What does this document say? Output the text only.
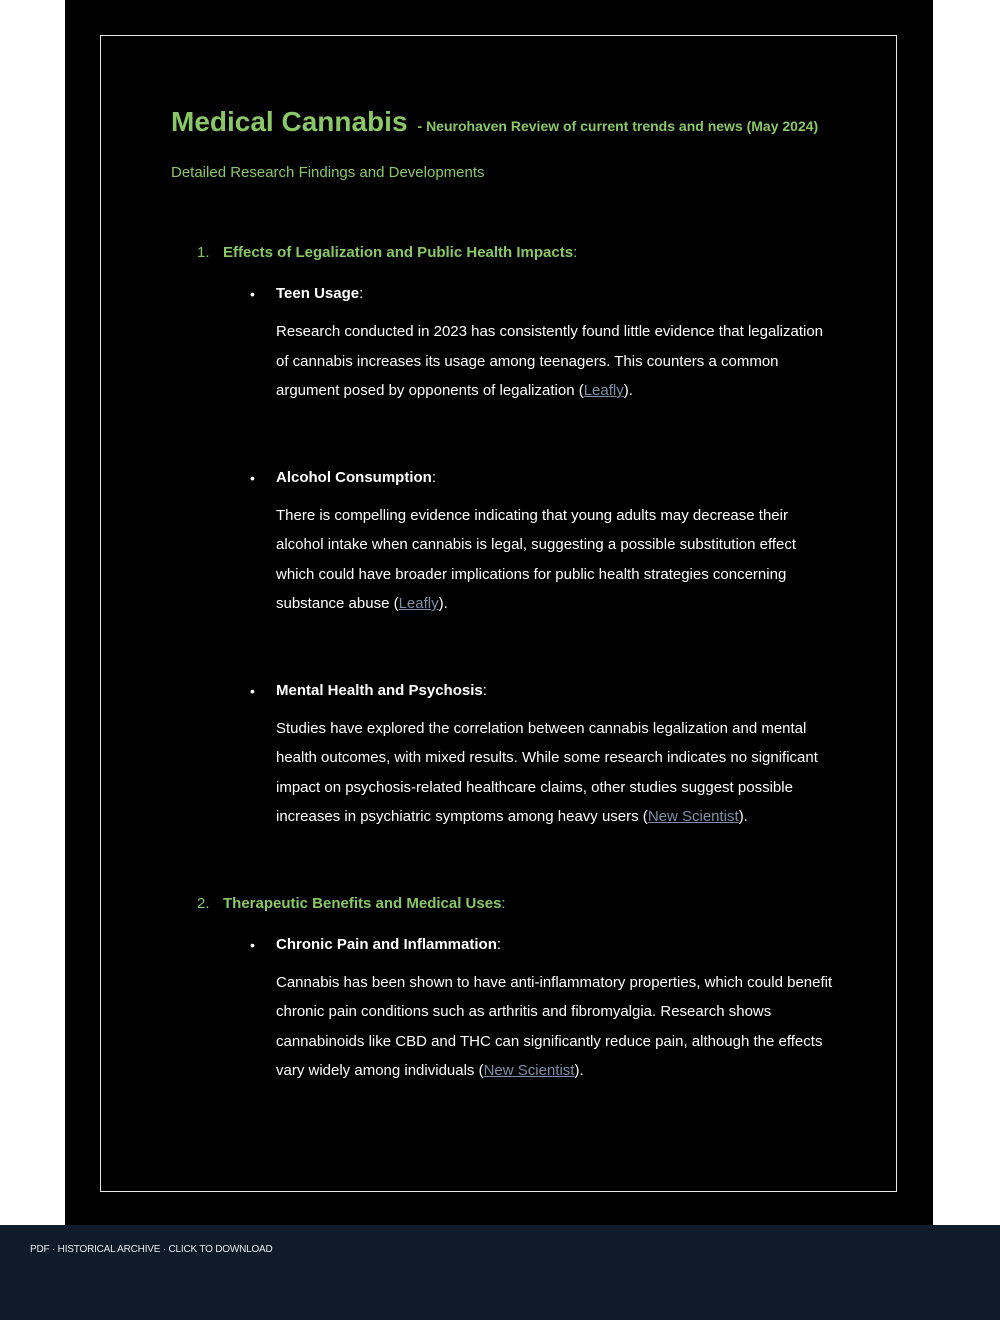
Medical Cannabis - Neurohaven Review of current trends and news (May 2024)
Detailed Research Findings and Developments
1. Effects of Legalization and Public Health Impacts:
• Teen Usage:
Research conducted in 2023 has consistently found little evidence that legalization of cannabis increases its usage among teenagers. This counters a common argument posed by opponents of legalization (Leafly).
• Alcohol Consumption:
There is compelling evidence indicating that young adults may decrease their alcohol intake when cannabis is legal, suggesting a possible substitution effect which could have broader implications for public health strategies concerning substance abuse (Leafly).
• Mental Health and Psychosis:
Studies have explored the correlation between cannabis legalization and mental health outcomes, with mixed results. While some research indicates no significant impact on psychosis-related healthcare claims, other studies suggest possible increases in psychiatric symptoms among heavy users (New Scientist).
2. Therapeutic Benefits and Medical Uses:
• Chronic Pain and Inflammation:
Cannabis has been shown to have anti-inflammatory properties, which could benefit chronic pain conditions such as arthritis and fibromyalgia. Research shows cannabinoids like CBD and THC can significantly reduce pain, although the effects vary widely among individuals (New Scientist).
PDF · HISTORICAL ARCHIVE · CLICK TO DOWNLOAD
